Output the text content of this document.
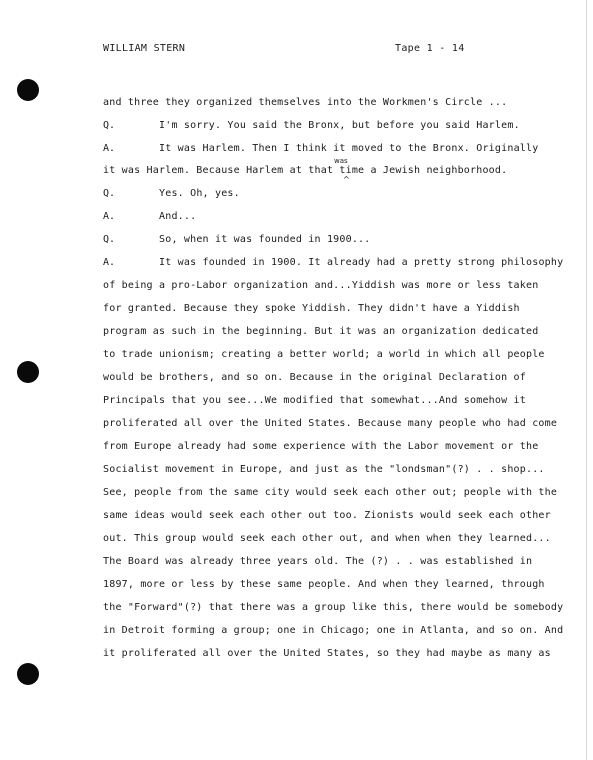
WILLIAM STERN	Tape 1 - 14
and three they organized themselves into the Workmen's Circle ...
Q.	I'm sorry. You said the Bronx, but before you said Harlem.
A.	It was Harlem. Then I think it moved to the Bronx. Originally
was
it was Harlem. Because Harlem at that time a Jewish neighborhood.
^
Q.	Yes. Oh, yes.
A.	And...
Q.	So, when it was founded in 1900...
A.	It was founded in 1900. It already had a pretty strong philosophy
of being a pro-Labor organization and...Yiddish was more or less taken
for granted. Because they spoke Yiddish. They didn't have a Yiddish
program as such in the beginning. But it was an organization dedicated
to trade unionism; creating a better world; a world in which all people
would be brothers, and so on. Because in the original Declaration of
Principals that you see...We modified that somewhat...And somehow it
proliferated all over the United States. Because many people who had come
from Europe already had some experience with the Labor movement or the
Socialist movement in Europe, and just as the "londsman"(?) . . shop...
See, people from the same city would seek each other out; people with the
same ideas would seek each other out too. Zionists would seek each other
out. This group would seek each other out, and when when they learned...
The Board was already three years old. The (?) . . was established in
1897, more or less by these same people. And when they learned, through
the "Forward"(?) that there was a group like this, there would be somebody
in Detroit forming a group; one in Chicago; one in Atlanta, and so on. And
it proliferated all over the United States, so they had maybe as many as
